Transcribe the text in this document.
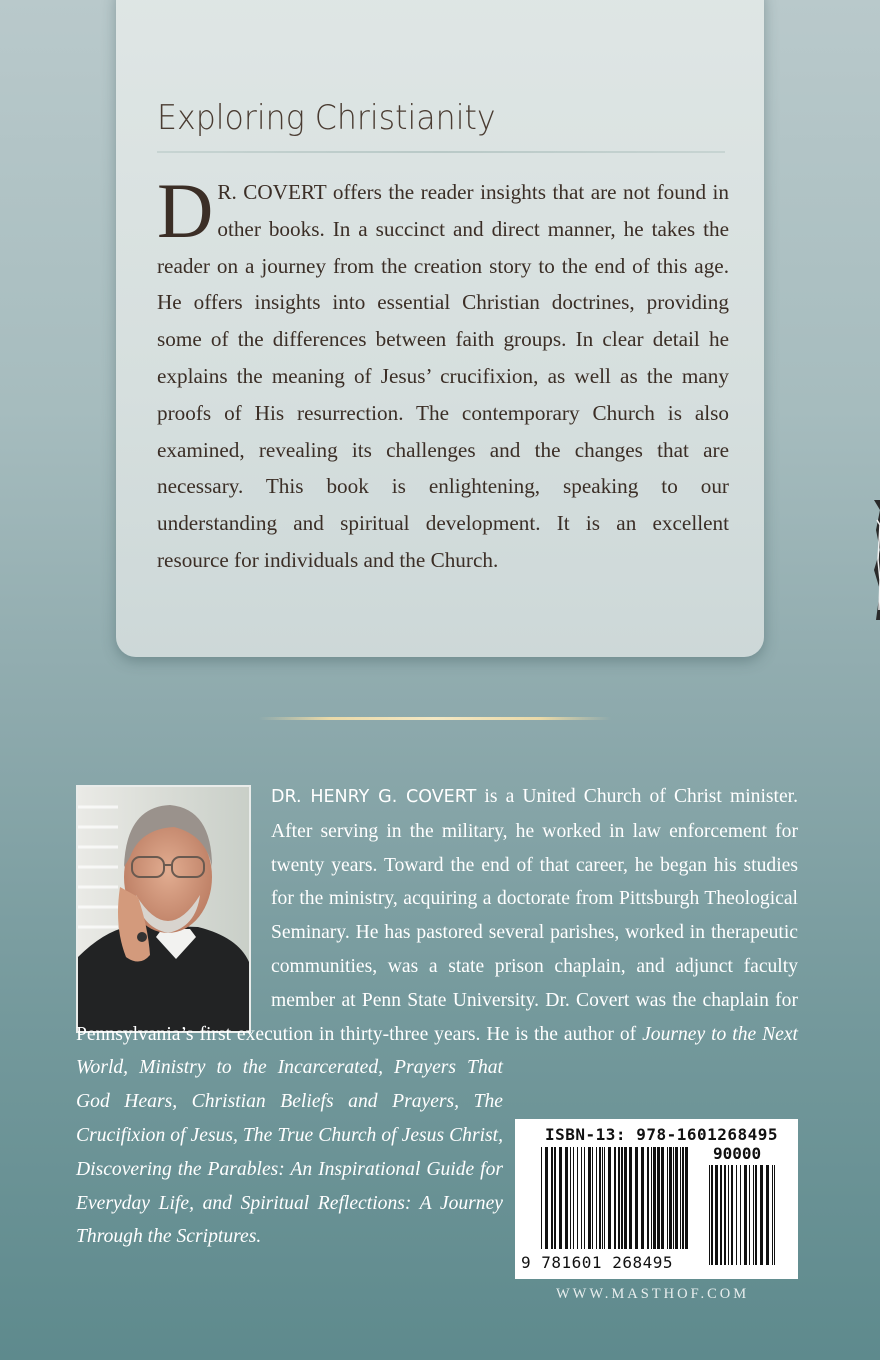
Exploring Christianity
D R. COVERT offers the reader insights that are not found in other books. In a succinct and direct manner, he takes the reader on a journey from the creation story to the end of this age. He offers insights into essential Christian doctrines, providing some of the differences between faith groups. In clear detail he explains the meaning of Jesus’ crucifixion, as well as the many proofs of His resurrection. The contemporary Church is also examined, revealing its challenges and the changes that are necessary. This book is enlightening, speaking to our understanding and spiritual development. It is an excellent resource for individuals and the Church.
DR. HENRY G. COVERT is a United Church of Christ minister. After serving in the military, he worked in law enforcement for twenty years. Toward the end of that career, he began his studies for the ministry, acquiring a doctorate from Pittsburgh Theological Seminary. He has pastored several parishes, worked in therapeutic communities, was a state prison chaplain, and adjunct faculty member at Penn State University. Dr. Covert was the chaplain for Pennsylvania’s first execution in thirty-three years. He is the author of
Journey to the Next World, Ministry to the Incarcerated, Prayers That God Hears, Christian Beliefs and Prayers, The Crucifixion of Jesus, The True Church of Jesus Christ, Discovering the Parables: An Inspirational Guide for Everyday Life, and Spiritual Reflections: A Journey Through the Scriptures.
ISBN-13: 978-1601268495
90000
9 781601 268495
WWW.MASTHOF.COM
